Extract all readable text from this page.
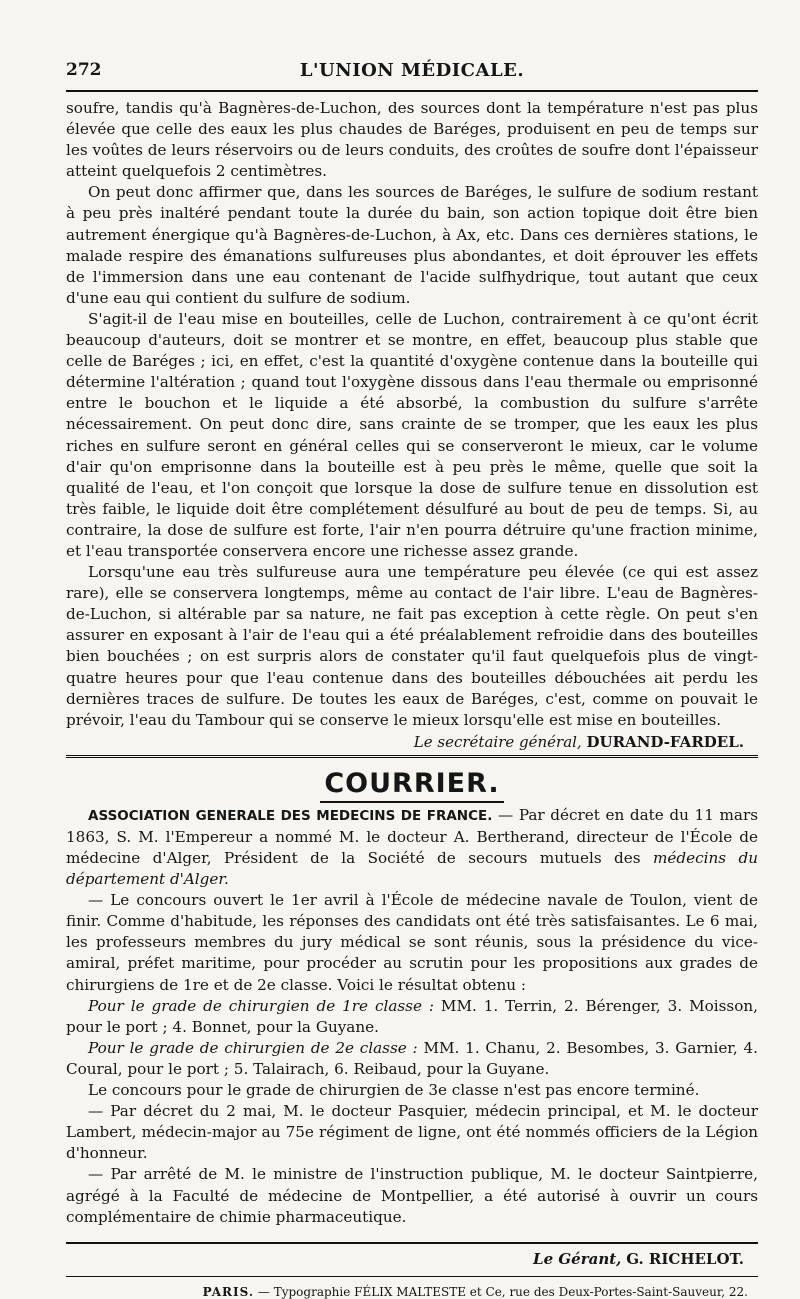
272	L'UNION MÉDICALE.

soufre, tandis qu'à Bagnères-de-Luchon, des sources dont la température n'est pas plus élevée que celle des eaux les plus chaudes de Baréges, produisent en peu de temps sur les voûtes de leurs réservoirs ou de leurs conduits, des croûtes de soufre dont l'épaisseur atteint quelquefois 2 centimètres.

On peut donc affirmer que, dans les sources de Baréges, le sulfure de sodium restant à peu près inaltéré pendant toute la durée du bain, son action topique doit être bien autrement énergique qu'à Bagnères-de-Luchon, à Ax, etc. Dans ces dernières stations, le malade respire des émanations sulfureuses plus abondantes, et doit éprouver les effets de l'immersion dans une eau contenant de l'acide sulfhydrique, tout autant que ceux d'une eau qui contient du sulfure de sodium.

S'agit-il de l'eau mise en bouteilles, celle de Luchon, contrairement à ce qu'ont écrit beaucoup d'auteurs, doit se montrer et se montre, en effet, beaucoup plus stable que celle de Baréges ; ici, en effet, c'est la quantité d'oxygène contenue dans la bouteille qui détermine l'altération ; quand tout l'oxygène dissous dans l'eau thermale ou emprisonné entre le bouchon et le liquide a été absorbé, la combustion du sulfure s'arrête nécessairement. On peut donc dire, sans crainte de se tromper, que les eaux les plus riches en sulfure seront en général celles qui se conserveront le mieux, car le volume d'air qu'on emprisonne dans la bouteille est à peu près le même, quelle que soit la qualité de l'eau, et l'on conçoit que lorsque la dose de sulfure tenue en dissolution est très faible, le liquide doit être complétement désulfuré au bout de peu de temps. Si, au contraire, la dose de sulfure est forte, l'air n'en pourra détruire qu'une fraction minime, et l'eau transportée conservera encore une richesse assez grande.

Lorsqu'une eau très sulfureuse aura une température peu élevée (ce qui est assez rare), elle se conservera longtemps, même au contact de l'air libre. L'eau de Bagnères-de-Luchon, si altérable par sa nature, ne fait pas exception à cette règle. On peut s'en assurer en exposant à l'air de l'eau qui a été préalablement refroidie dans des bouteilles bien bouchées ; on est surpris alors de constater qu'il faut quelquefois plus de vingt-quatre heures pour que l'eau contenue dans des bouteilles débouchées ait perdu les dernières traces de sulfure. De toutes les eaux de Baréges, c'est, comme on pouvait le prévoir, l'eau du Tambour qui se conserve le mieux lorsqu'elle est mise en bouteilles.

Le secrétaire général, DURAND-FARDEL.
COURRIER.

ASSOCIATION GENERALE DES MEDECINS DE FRANCE. — Par décret en date du 11 mars 1863, S. M. l'Empereur a nommé M. le docteur A. Bertherand, directeur de l'École de médecine d'Alger, Président de la Société de secours mutuels des médecins du département d'Alger.

— Le concours ouvert le 1er avril à l'École de médecine navale de Toulon, vient de finir. Comme d'habitude, les réponses des candidats ont été très satisfaisantes. Le 6 mai, les professeurs membres du jury médical se sont réunis, sous la présidence du vice-amiral, préfet maritime, pour procéder au scrutin pour les propositions aux grades de chirurgiens de 1re et de 2e classe. Voici le résultat obtenu :

Pour le grade de chirurgien de 1re classe : MM. 1. Terrin, 2. Bérenger, 3. Moisson, pour le port ; 4. Bonnet, pour la Guyane.

Pour le grade de chirurgien de 2e classe : MM. 1. Chanu, 2. Besombes, 3. Garnier, 4. Coural, pour le port ; 5. Talairach, 6. Reibaud, pour la Guyane.

Le concours pour le grade de chirurgien de 3e classe n'est pas encore terminé.

— Par décret du 2 mai, M. le docteur Pasquier, médecin principal, et M. le docteur Lambert, médecin-major au 75e régiment de ligne, ont été nommés officiers de la Légion d'honneur.

— Par arrêté de M. le ministre de l'instruction publique, M. le docteur Saintpierre, agrégé à la Faculté de médecine de Montpellier, a été autorisé à ouvrir un cours complémentaire de chimie pharmaceutique.

Le Gérant, G. RICHELOT.
PARIS. — Typographie FÉLIX MALTESTE et Ce, rue des Deux-Portes-Saint-Sauveur, 22.
